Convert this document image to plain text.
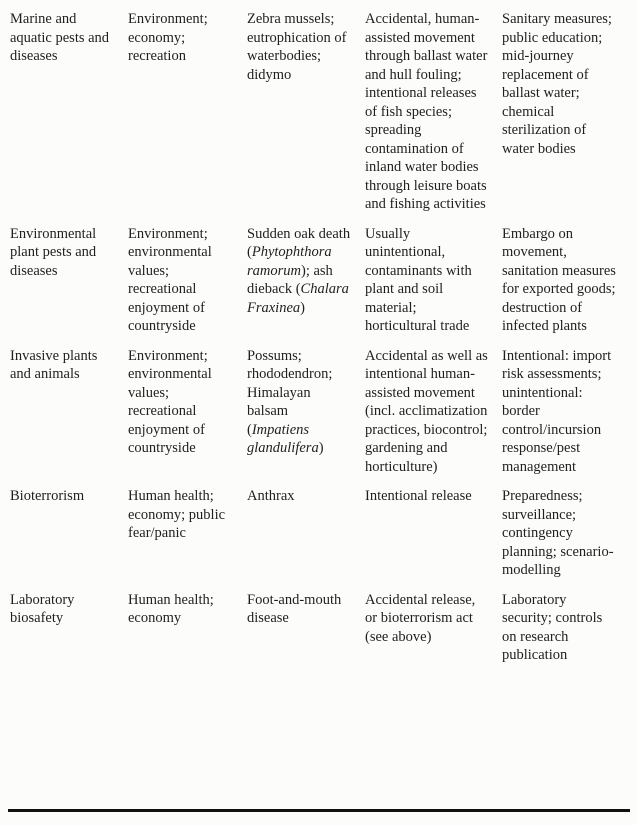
Marine and aquatic pests and diseases	Environment; economy; recreation	Zebra mussels; eutrophication of waterbodies; didymo	Accidental, human-assisted movement through ballast water and hull fouling; intentional releases of fish species; spreading contamination of inland water bodies through leisure boats and fishing activities	Sanitary measures; public education; mid-journey replacement of ballast water; chemical sterilization of water bodies
Environmental plant pests and diseases	Environment; environmental values; recreational enjoyment of countryside	Sudden oak death (Phytophthora ramorum); ash dieback (Chalara Fraxinea)	Usually unintentional, contaminants with plant and soil material; horticultural trade	Embargo on movement, sanitation measures for exported goods; destruction of infected plants
Invasive plants and animals	Environment; environmental values; recreational enjoyment of countryside	Possums; rhododendron; Himalayan balsam (Impatiens glandulifera)	Accidental as well as intentional human-assisted movement (incl. acclimatization practices, biocontrol; gardening and horticulture)	Intentional: import risk assessments; unintentional: border control/incursion response/pest management
Bioterrorism	Human health; economy; public fear/panic	Anthrax	Intentional release	Preparedness; surveillance; contingency planning; scenario-modelling
Laboratory biosafety	Human health; economy	Foot-and-mouth disease	Accidental release, or bioterrorism act (see above)	Laboratory security; controls on research publication
